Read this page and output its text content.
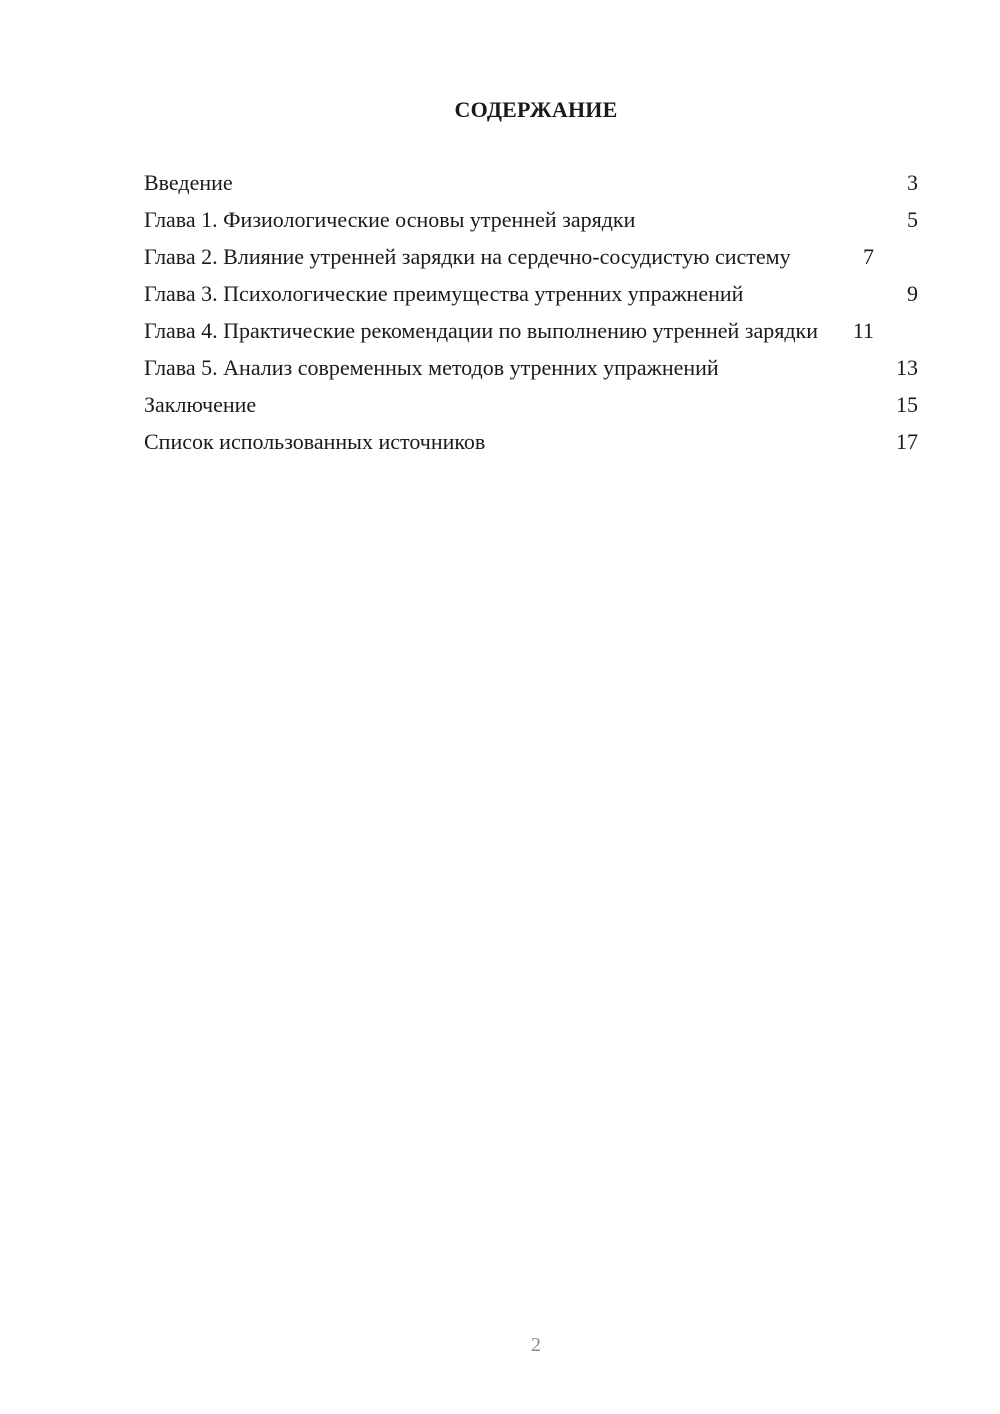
СОДЕРЖАНИЕ
Введение	3
Глава 1. Физиологические основы утренней зарядки	5
Глава 2. Влияние утренней зарядки на сердечно-сосудистую систему	7
Глава 3. Психологические преимущества утренних упражнений	9
Глава 4. Практические рекомендации по выполнению утренней зарядки	11
Глава 5. Анализ современных методов утренних упражнений	13
Заключение	15
Список использованных источников	17
2
